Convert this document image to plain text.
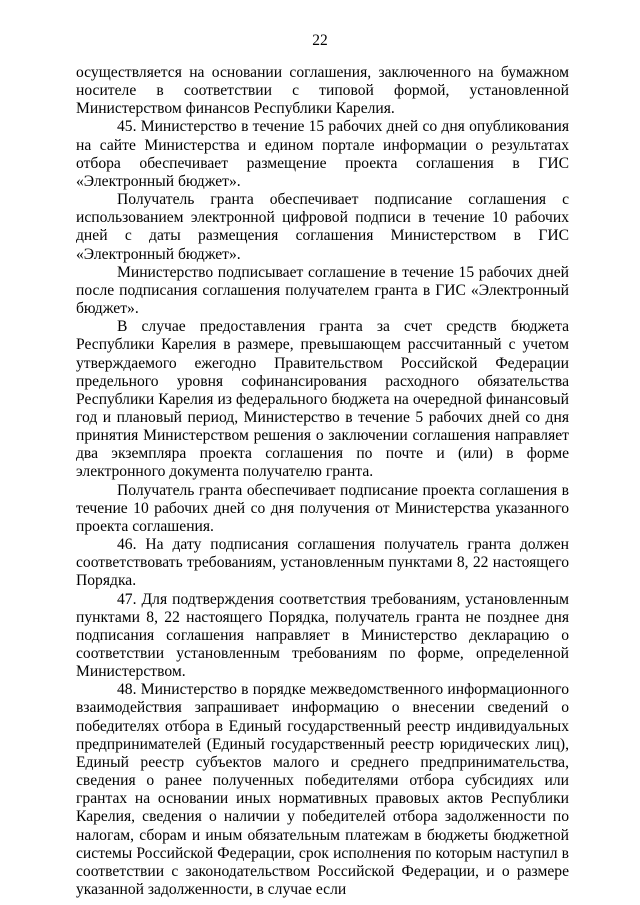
22

осуществляется на основании соглашения, заключенного на бумажном носителе в соответствии с типовой формой, установленной Министерством финансов Республики Карелия.

45. Министерство в течение 15 рабочих дней со дня опубликования на сайте Министерства и едином портале информации о результатах отбора обеспечивает размещение проекта соглашения в ГИС «Электронный бюджет».

Получатель гранта обеспечивает подписание соглашения с использованием электронной цифровой подписи в течение 10 рабочих дней с даты размещения соглашения Министерством в ГИС «Электронный бюджет».

Министерство подписывает соглашение в течение 15 рабочих дней после подписания соглашения получателем гранта в ГИС «Электронный бюджет».

В случае предоставления гранта за счет средств бюджета Республики Карелия в размере, превышающем рассчитанный с учетом утверждаемого ежегодно Правительством Российской Федерации предельного уровня софинансирования расходного обязательства Республики Карелия из федерального бюджета на очередной финансовый год и плановый период, Министерство в течение 5 рабочих дней со дня принятия Министерством решения о заключении соглашения направляет два экземпляра проекта соглашения по почте и (или) в форме электронного документа получателю гранта.

Получатель гранта обеспечивает подписание проекта соглашения в течение 10 рабочих дней со дня получения от Министерства указанного проекта соглашения.

46. На дату подписания соглашения получатель гранта должен соответствовать требованиям, установленным пунктами 8, 22 настоящего Порядка.

47. Для подтверждения соответствия требованиям, установленным пунктами 8, 22 настоящего Порядка, получатель гранта не позднее дня подписания соглашения направляет в Министерство декларацию о соответствии установленным требованиям по форме, определенной Министерством.

48. Министерство в порядке межведомственного информационного взаимодействия запрашивает информацию о внесении сведений о победителях отбора в Единый государственный реестр индивидуальных предпринимателей (Единый государственный реестр юридических лиц), Единый реестр субъектов малого и среднего предпринимательства, сведения о ранее полученных победителями отбора субсидиях или грантах на основании иных нормативных правовых актов Республики Карелия, сведения о наличии у победителей отбора задолженности по налогам, сборам и иным обязательным платежам в бюджеты бюджетной системы Российской Федерации, срок исполнения по которым наступил в соответствии с законодательством Российской Федерации, и о размере указанной задолженности, в случае если
